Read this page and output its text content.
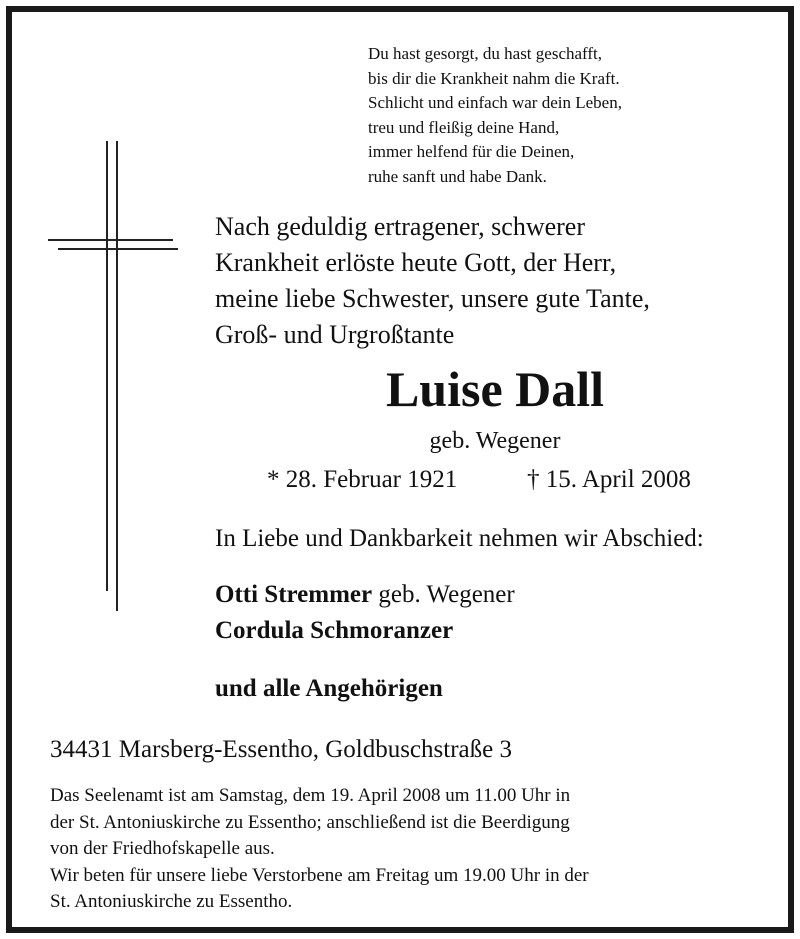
Du hast gesorgt, du hast geschafft,
bis dir die Krankheit nahm die Kraft.
Schlicht und einfach war dein Leben,
treu und fleißig deine Hand,
immer helfend für die Deinen,
ruhe sanft und habe Dank.
Nach geduldig ertragener, schwerer
Krankheit erlöste heute Gott, der Herr,
meine liebe Schwester, unsere gute Tante,
Groß- und Urgroßtante
Luise Dall
geb. Wegener
* 28. Februar 1921	† 15. April 2008
In Liebe und Dankbarkeit nehmen wir Abschied:
Otti Stremmer geb. Wegener
Cordula Schmoranzer
und alle Angehörigen
34431 Marsberg-Essentho, Goldbuschstraße 3
Das Seelenamt ist am Samstag, dem 19. April 2008 um 11.00 Uhr in
der St. Antoniuskirche zu Essentho; anschließend ist die Beerdigung
von der Friedhofskapelle aus.
Wir beten für unsere liebe Verstorbene am Freitag um 19.00 Uhr in der
St. Antoniuskirche zu Essentho.
